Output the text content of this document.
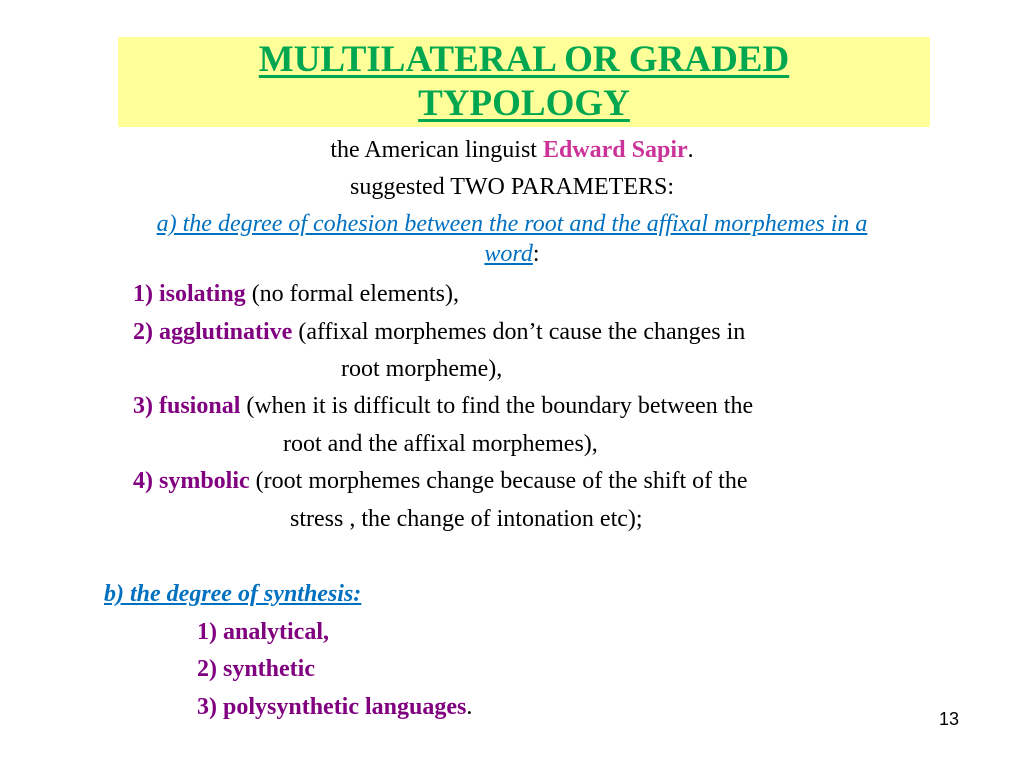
MULTILATERAL OR GRADED
TYPOLOGY
the American linguist Edward Sapir.
suggested TWO PARAMETERS:
a) the degree of cohesion between the root and the affixal morphemes in a
word:
1) isolating (no formal elements),
2) agglutinative (affixal morphemes don’t cause the changes in
root morpheme),
3) fusional (when it is difficult to find the boundary between the
root and the affixal morphemes),
4) symbolic (root morphemes change because of the shift of the
stress , the change of intonation etc);
b) the degree of synthesis:
1) analytical,
2) synthetic
3) polysynthetic languages.	13
